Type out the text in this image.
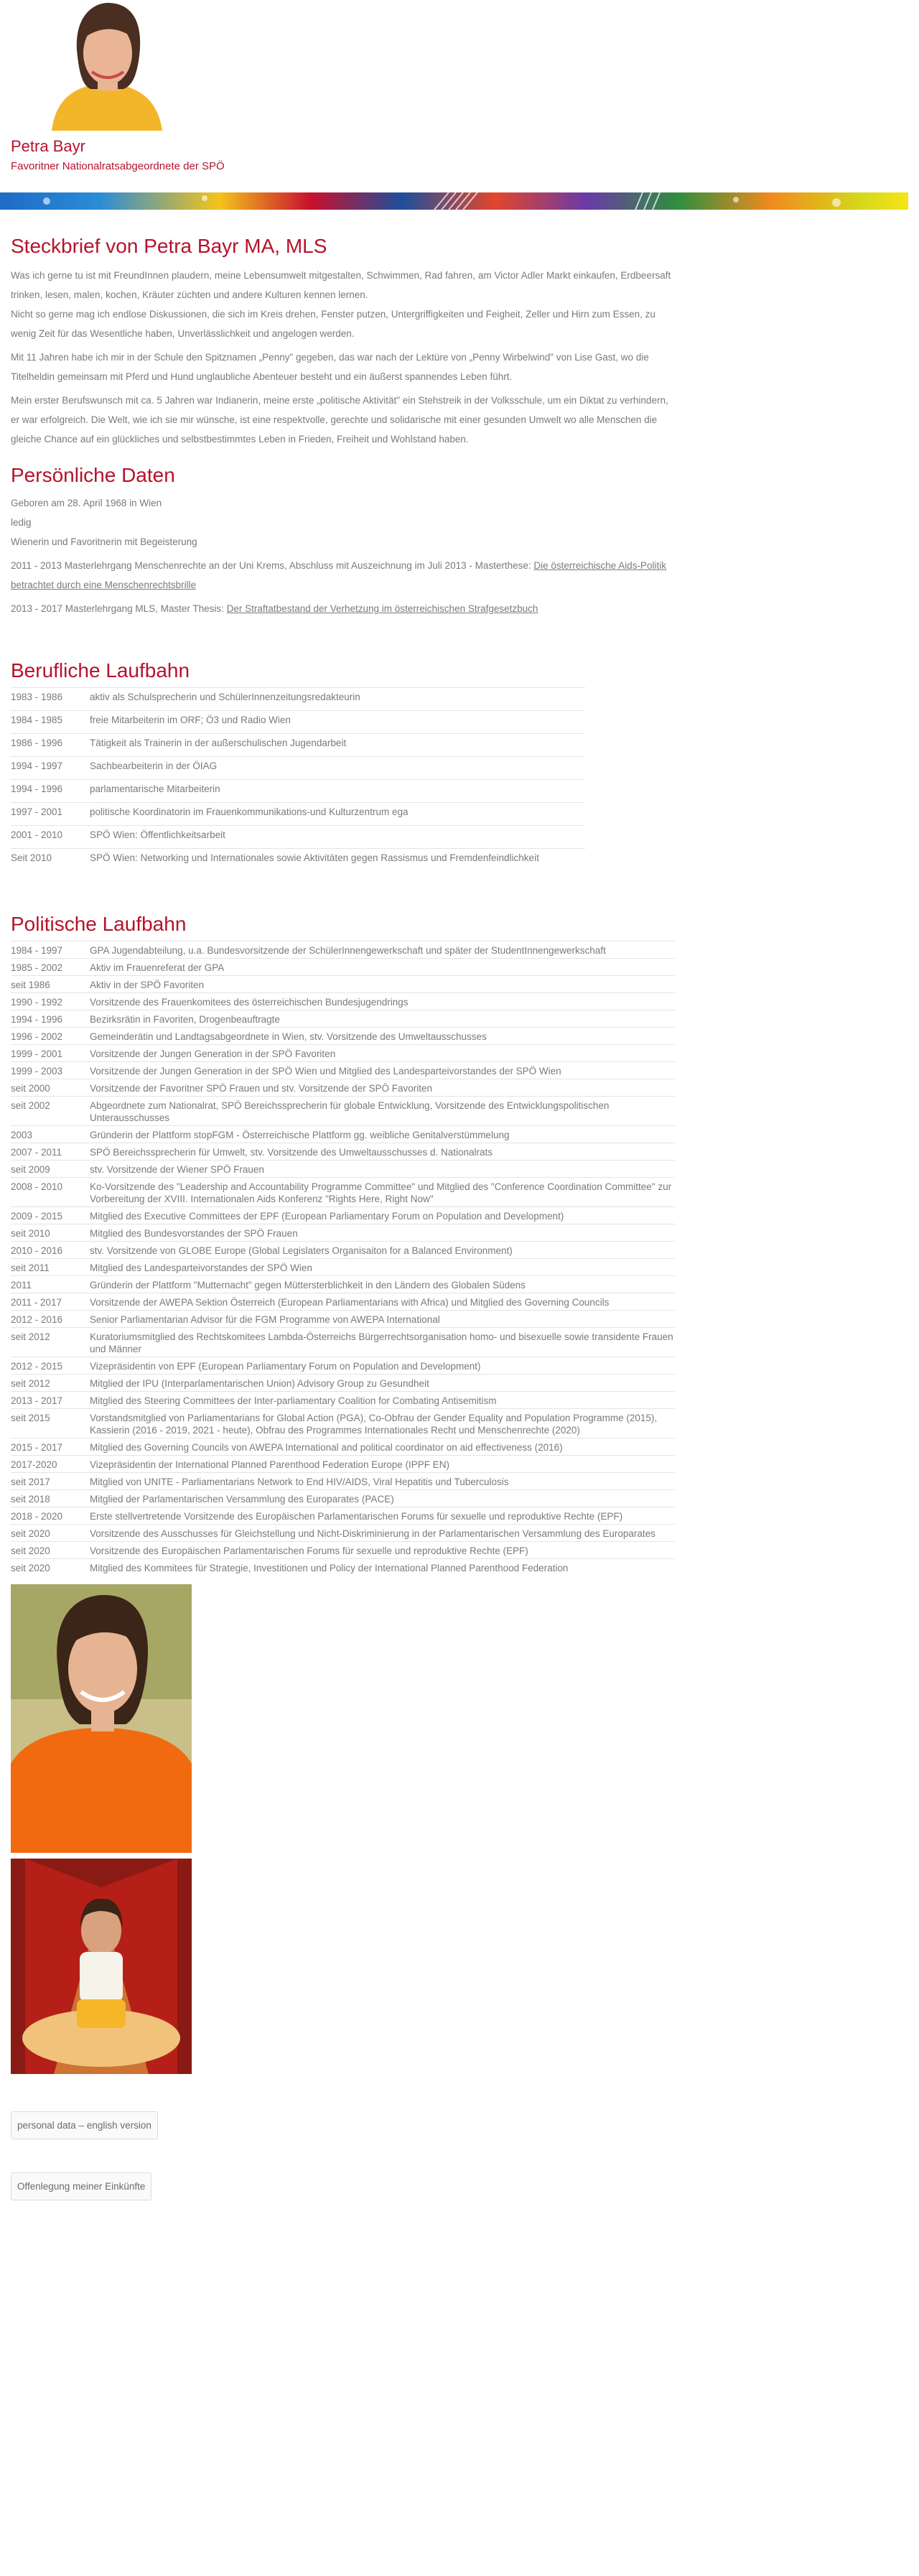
Petra Bayr
Favoritner Nationalratsabgeordnete der SPÖ
Steckbrief von Petra Bayr MA, MLS

Was ich gerne tu ist mit FreundInnen plaudern, meine Lebensumwelt mitgestalten, Schwimmen, Rad fahren, am Victor Adler Markt einkaufen, Erdbeersaft trinken, lesen, malen, kochen, Kräuter züchten und andere Kulturen kennen lernen.

Nicht so gerne mag ich endlose Diskussionen, die sich im Kreis drehen, Fenster putzen, Untergriffigkeiten und Feigheit, Zeller und Hirn zum Essen, zu wenig Zeit für das Wesentliche haben, Unverlässlichkeit und angelogen werden.

Mit 11 Jahren habe ich mir in der Schule den Spitznamen „Penny" gegeben, das war nach der Lektüre von „Penny Wirbelwind" von Lise Gast, wo die Titelheldin gemeinsam mit Pferd und Hund unglaubliche Abenteuer besteht und ein äußerst spannendes Leben führt.

Mein erster Berufswunsch mit ca. 5 Jahren war Indianerin, meine erste „politische Aktivität" ein Stehstreik in der Volksschule, um ein Diktat zu verhindern, er war erfolgreich. Die Welt, wie ich sie mir wünsche, ist eine respektvolle, gerechte und solidarische mit einer gesunden Umwelt wo alle Menschen die gleiche Chance auf ein glückliches und selbstbestimmtes Leben in Frieden, Freiheit und Wohlstand haben.

Persönliche Daten

Geboren am 28. April 1968 in Wien

ledig

Wienerin und Favoritnerin mit Begeisterung

2011 - 2013 Masterlehrgang Menschenrechte an der Uni Krems, Abschluss mit Auszeichnung im Juli 2013 - Masterthese: Die österreichische Aids-Politik betrachtet durch eine Menschenrechtsbrille

2013 - 2017 Masterlehrgang MLS, Master Thesis: Der Straftatbestand der Verhetzung im österreichischen Strafgesetzbuch

Berufliche Laufbahn
1983 - 1986	aktiv als Schulsprecherin und SchülerInnenzeitungsredakteurin
1984 - 1985	freie Mitarbeiterin im ORF; Ö3 und Radio Wien
1986 - 1996	Tätigkeit als Trainerin in der außerschulischen Jugendarbeit
1994 - 1997	Sachbearbeiterin in der ÖIAG
1994 - 1996	parlamentarische Mitarbeiterin
1997 - 2001	politische Koordinatorin im Frauenkommunikations-und Kulturzentrum ega
2001 - 2010	SPÖ Wien: Öffentlichkeitsarbeit
Seit 2010	SPÖ Wien: Networking und Internationales sowie Aktivitäten gegen Rassismus und Fremdenfeindlichkeit
Politische Laufbahn
1984 - 1997	GPA Jugendabteilung, u.a. Bundesvorsitzende der SchülerInnengewerkschaft und später der StudentInnengewerkschaft
1985 - 2002	Aktiv im Frauenreferat der GPA
seit 1986	Aktiv in der SPÖ Favoriten
1990 - 1992	Vorsitzende des Frauenkomitees des österreichischen Bundesjugendrings
1994 - 1996	Bezirksrätin in Favoriten, Drogenbeauftragte
1996 - 2002	Gemeinderätin und Landtagsabgeordnete in Wien, stv. Vorsitzende des Umweltausschusses
1999 - 2001	Vorsitzende der Jungen Generation in der SPÖ Favoriten
1999 - 2003	Vorsitzende der Jungen Generation in der SPÖ Wien und Mitglied des Landesparteivorstandes der SPÖ Wien
seit 2000	Vorsitzende der Favoritner SPÖ Frauen und stv. Vorsitzende der SPÖ Favoriten
seit 2002	Abgeordnete zum Nationalrat, SPÖ Bereichssprecherin für globale Entwicklung, Vorsitzende des Entwicklungspolitischen Unterausschusses
2003	Gründerin der Plattform stopFGM - Österreichische Plattform gg. weibliche Genitalverstümmelung
2007 - 2011	SPÖ Bereichssprecherin für Umwelt, stv. Vorsitzende des Umweltausschusses d. Nationalrats
seit 2009	stv. Vorsitzende der Wiener SPÖ Frauen
2008 - 2010	Ko-Vorsitzende des "Leadership and Accountability Programme Committee" und Mitglied des "Conference Coordination Committee" zur Vorbereitung der XVIII. Internationalen Aids Konferenz "Rights Here, Right Now"
2009 - 2015	Mitglied des Executive Committees der EPF (European Parliamentary Forum on Population and Development)
seit 2010	Mitglied des Bundesvorstandes der SPÖ Frauen
2010 - 2016	stv. Vorsitzende von GLOBE Europe (Global Legislaters Organisaiton for a Balanced Environment)
seit 2011	Mitglied des Landesparteivorstandes der SPÖ Wien
2011	Gründerin der Plattform "Mutternacht" gegen Müttersterblichkeit in den Ländern des Globalen Südens
2011 - 2017	Vorsitzende der AWEPA Sektion Österreich (European Parliamentarians with Africa) und Mitglied des Governing Councils
2012 - 2016	Senior Parliamentarian Advisor für die FGM Programme von AWEPA International
seit 2012	Kuratoriumsmitglied des Rechtskomitees Lambda-Österreichs Bürgerrechtsorganisation homo- und bisexuelle sowie transidente Frauen und Männer
2012 - 2015	Vizepräsidentin von EPF (European Parliamentary Forum on Population and Development)
seit 2012	Mitglied der IPU (Interparlamentarischen Union) Advisory Group zu Gesundheit
2013 - 2017	Mitglied des Steering Committees der Inter-parliamentary Coalition for Combating Antisemitism
seit 2015	Vorstandsmitglied von Parliamentarians for Global Action (PGA), Co-Obfrau der Gender Equality and Population Programme (2015), Kassierin (2016 - 2019, 2021 - heute), Obfrau des Programmes Internationales Recht und Menschenrechte (2020)
2015 - 2017	Mitglied des Governing Councils von AWEPA International and political coordinator on aid effectiveness (2016)
2017-2020	Vizepräsidentin der International Planned Parenthood Federation Europe (IPPF EN)
seit 2017	Mitglied von UNITE - Parliamentarians Network to End HIV/AIDS, Viral Hepatitis und Tuberculosis
seit 2018	Mitglied der Parlamentarischen Versammlung des Europarates (PACE)
2018 - 2020	Erste stellvertretende Vorsitzende des Europäischen Parlamentarischen Forums für sexuelle und reproduktive Rechte (EPF)
seit 2020	Vorsitzende des Ausschusses für Gleichstellung und Nicht-Diskriminierung in der Parlamentarischen Versammlung des Europarates
seit 2020	Vorsitzende des Europäischen Parlamentarischen Forums für sexuelle und reproduktive Rechte (EPF)
seit 2020	Mitglied des Kommitees für Strategie, Investitionen und Policy der International Planned Parenthood Federation
personal data – english version
Offenlegung meiner Einkünfte
